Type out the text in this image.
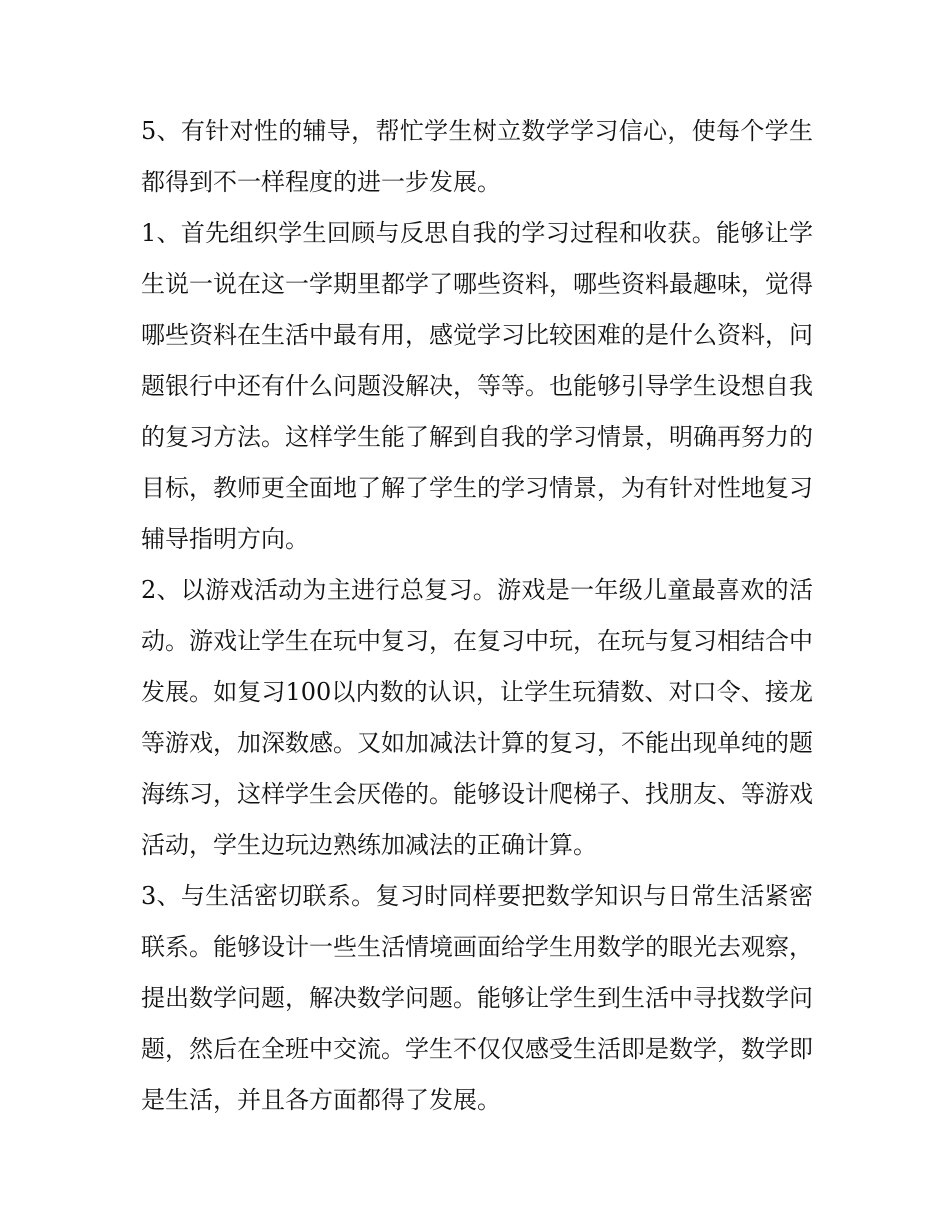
5、有针对性的辅导，帮忙学生树立数学学习信心，使每个学生都得到不一样程度的进一步发展。

1、首先组织学生回顾与反思自我的学习过程和收获。能够让学生说一说在这一学期里都学了哪些资料，哪些资料最趣味，觉得哪些资料在生活中最有用，感觉学习比较困难的是什么资料，问题银行中还有什么问题没解决，等等。也能够引导学生设想自我的复习方法。这样学生能了解到自我的学习情景，明确再努力的目标，教师更全面地了解了学生的学习情景，为有针对性地复习辅导指明方向。

2、以游戏活动为主进行总复习。游戏是一年级儿童最喜欢的活动。游戏让学生在玩中复习，在复习中玩，在玩与复习相结合中发展。如复习100以内数的认识，让学生玩猜数、对口令、接龙等游戏，加深数感。又如加减法计算的复习，不能出现单纯的题海练习，这样学生会厌倦的。能够设计爬梯子、找朋友、等游戏活动，学生边玩边熟练加减法的正确计算。

3、与生活密切联系。复习时同样要把数学知识与日常生活紧密联系。能够设计一些生活情境画面给学生用数学的眼光去观察，提出数学问题，解决数学问题。能够让学生到生活中寻找数学问题，然后在全班中交流。学生不仅仅感受生活即是数学，数学即是生活，并且各方面都得了发展。
